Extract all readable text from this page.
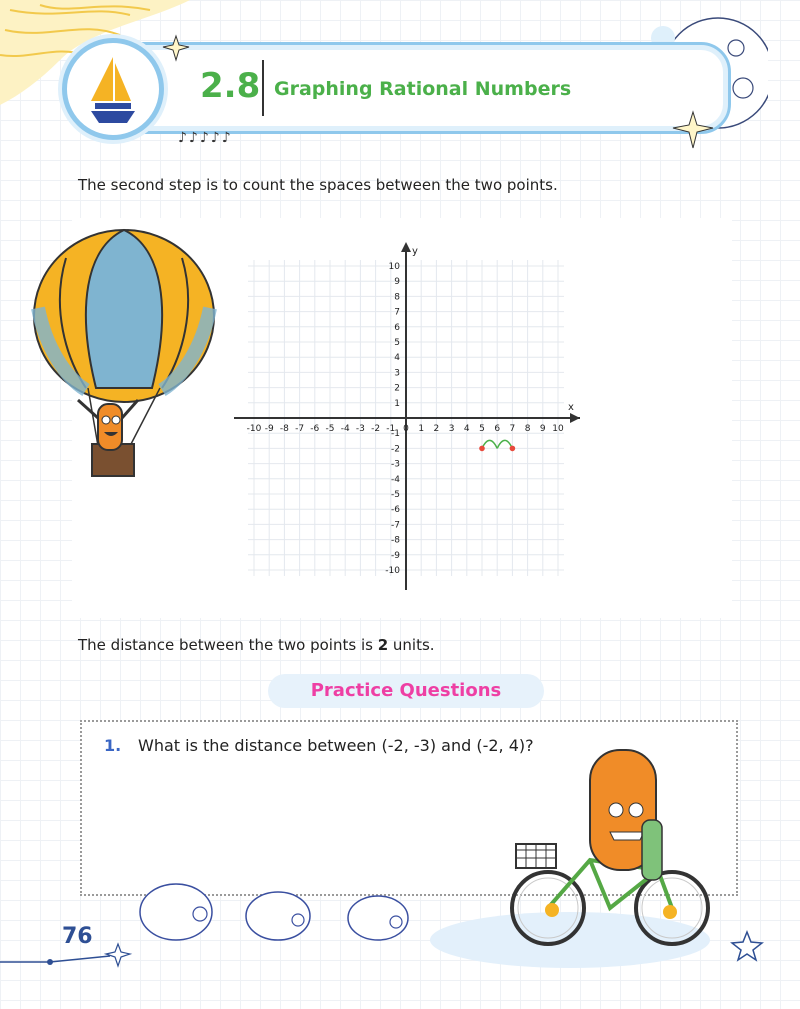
2.8 Graphing Rational Numbers
♪♪♪♪♪
The second step is to count the spaces between the two points.
x
y
-10 -9 -8 -7 -6 -5 -4 -3 -2 -1 0 1 2 3 4 5 6 7 8 9 10
10
9
8
7
6
5
4
3
2
1
-1
-2
-3
-4
-5
-6
-7
-8
-9
-10
The distance between the two points is 2 units.
Practice Questions
1. What is the distance between (-2, -3) and (-2, 4)?
76
